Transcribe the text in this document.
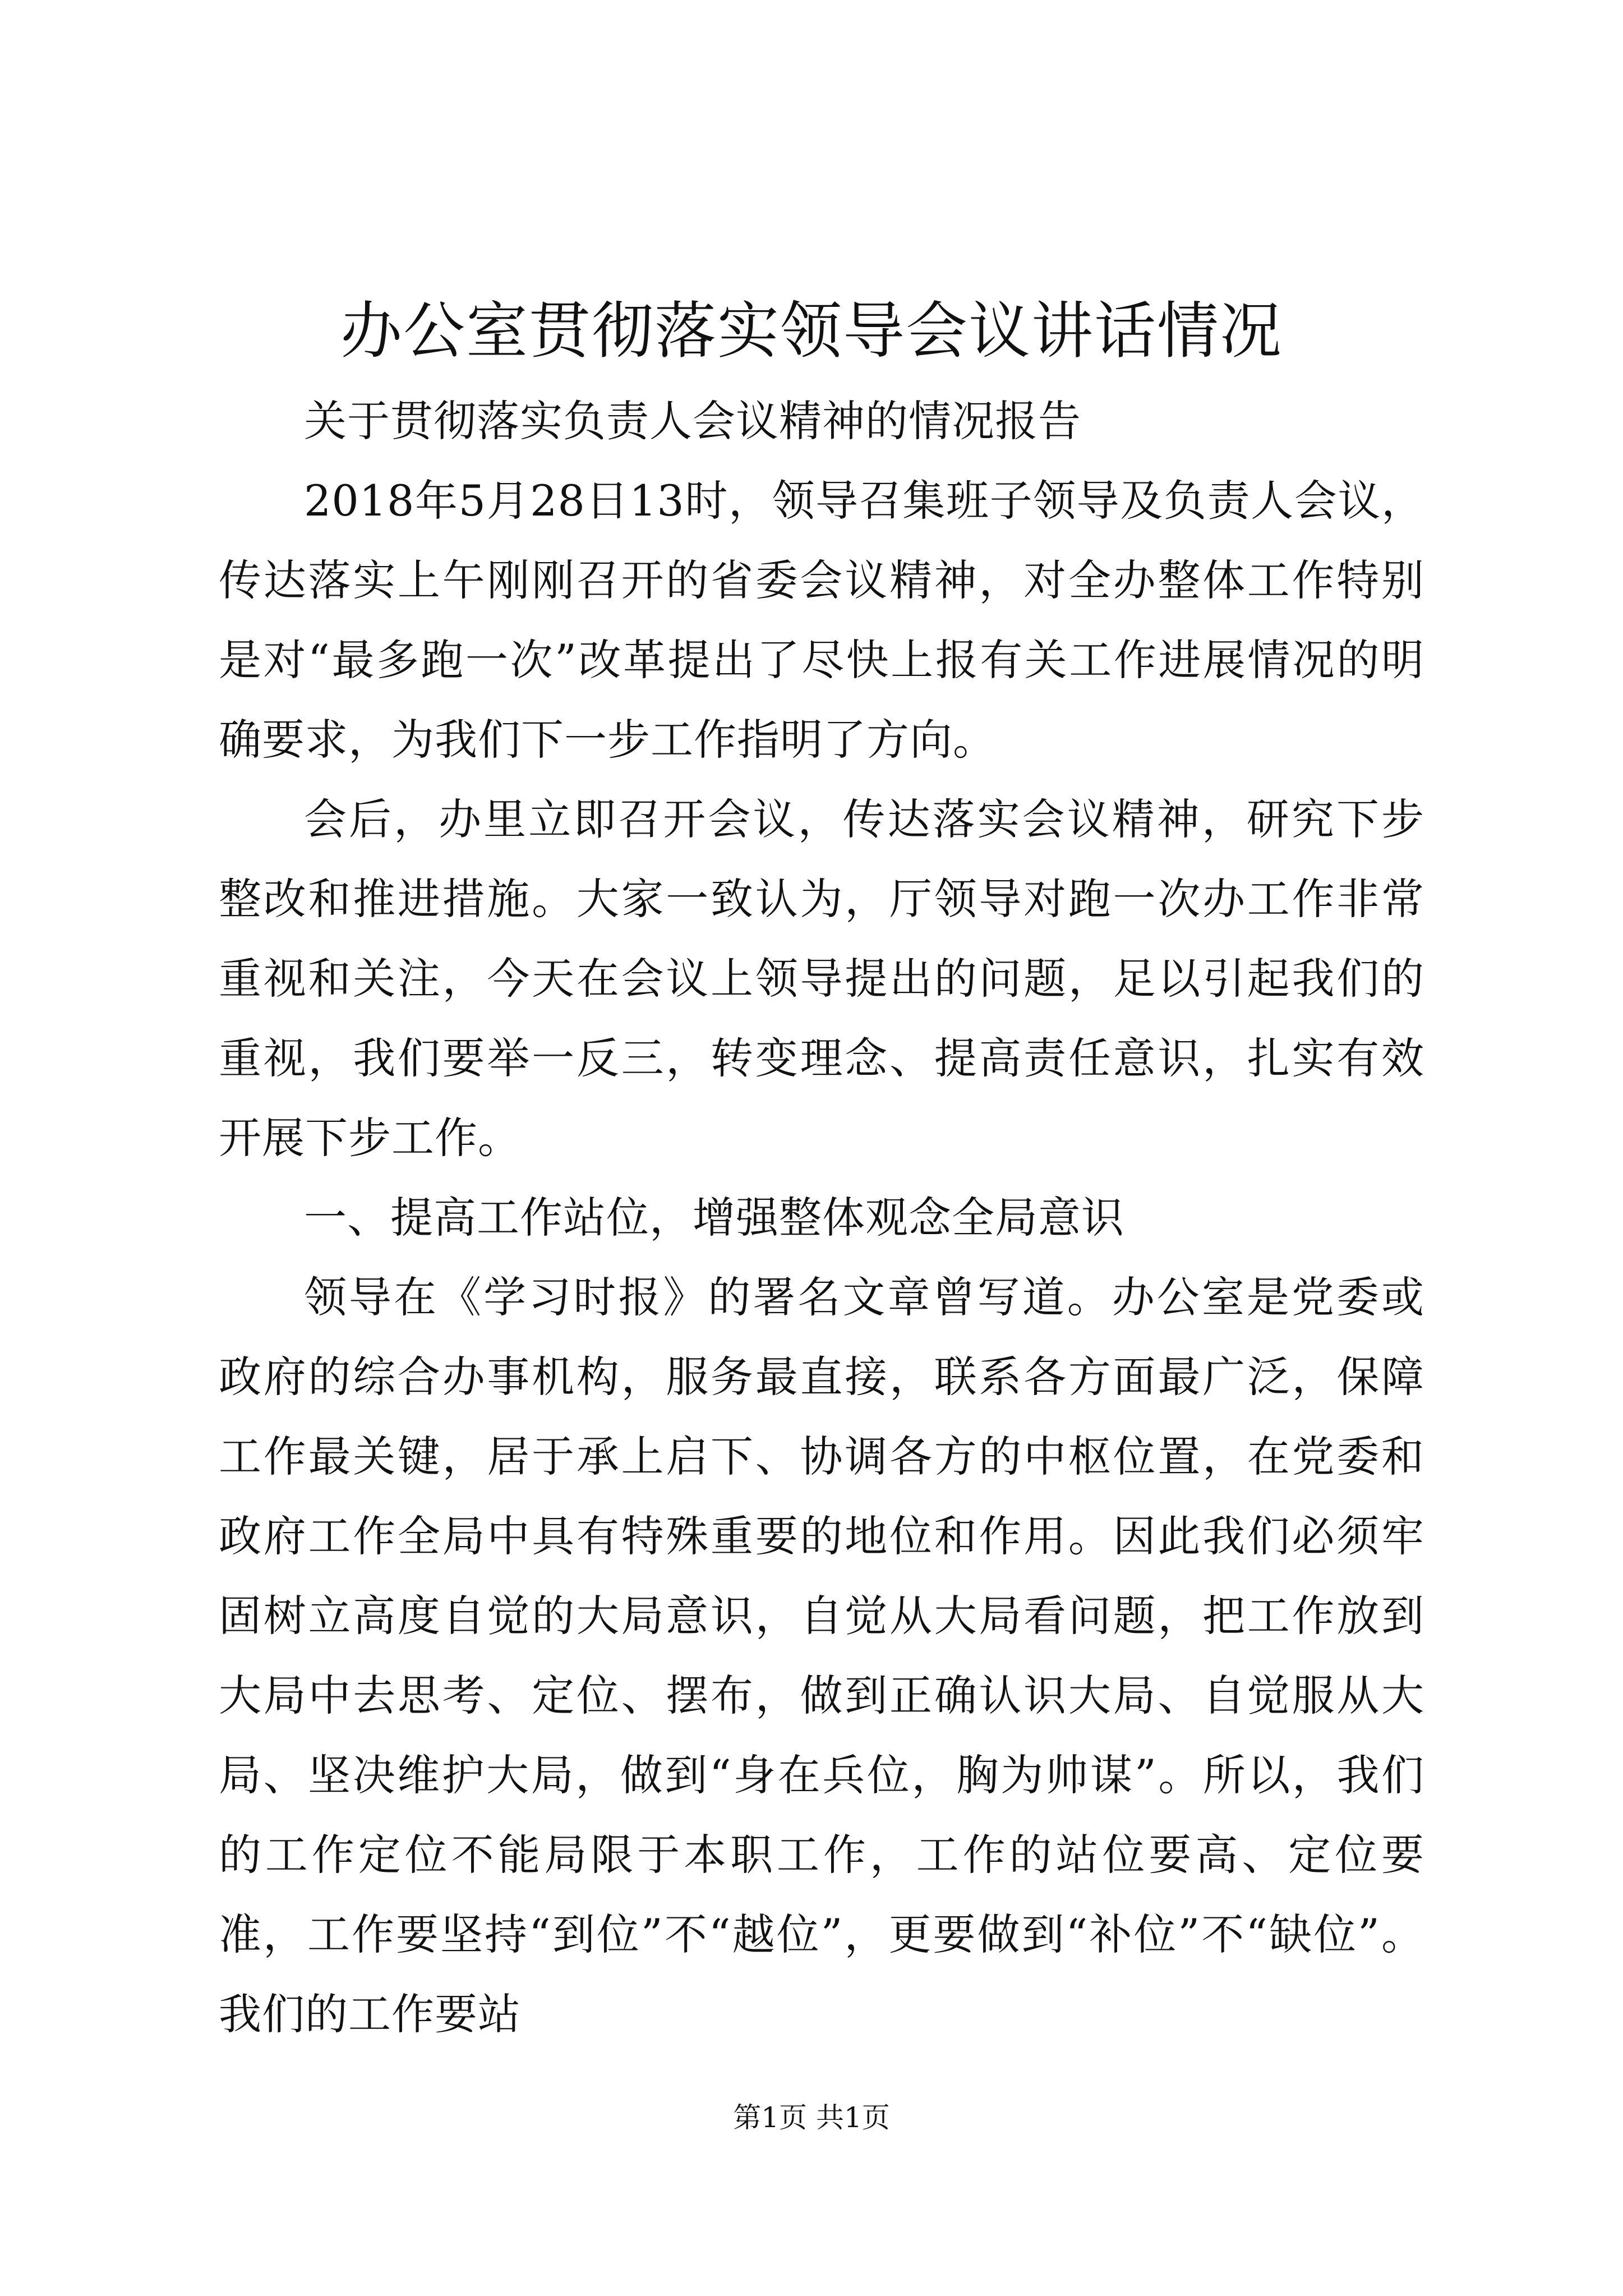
办公室贯彻落实领导会议讲话情况

关于贯彻落实负责人会议精神的情况报告

2018年5月28日13时，领导召集班子领导及负责人会议，传达落实上午刚刚召开的省委会议精神，对全办整体工作特别是对“最多跑一次”改革提出了尽快上报有关工作进展情况的明确要求，为我们下一步工作指明了方向。

会后，办里立即召开会议，传达落实会议精神，研究下步整改和推进措施。大家一致认为，厅领导对跑一次办工作非常重视和关注，今天在会议上领导提出的问题，足以引起我们的重视，我们要举一反三，转变理念、提高责任意识，扎实有效开展下步工作。

一、提高工作站位，增强整体观念全局意识

领导在《学习时报》的署名文章曾写道。办公室是党委或政府的综合办事机构，服务最直接，联系各方面最广泛，保障工作最关键，居于承上启下、协调各方的中枢位置，在党委和政府工作全局中具有特殊重要的地位和作用。因此我们必须牢固树立高度自觉的大局意识，自觉从大局看问题，把工作放到大局中去思考、定位、摆布，做到正确认识大局、自觉服从大局、坚决维护大局，做到“身在兵位，胸为帅谋”。所以，我们的工作定位不能局限于本职工作，工作的站位要高、定位要准，工作要坚持“到位”不“越位”，更要做到“补位”不“缺位”。我们的工作要站

第1页 共1页
